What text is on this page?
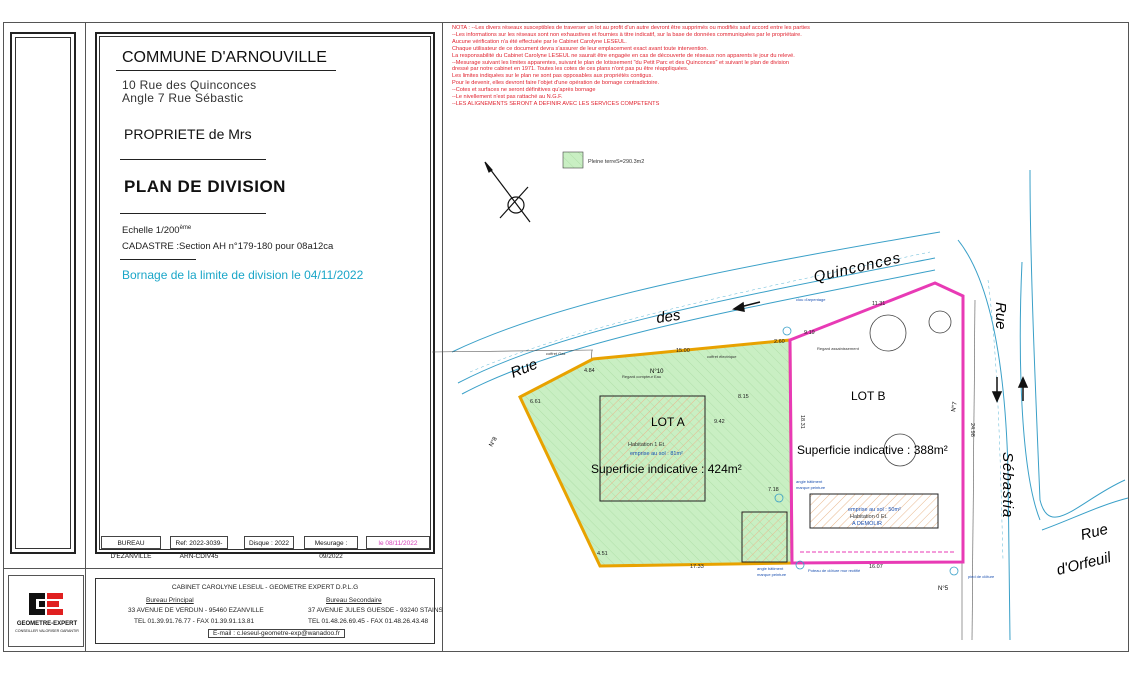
COMMUNE D'ARNOUVILLE
10 Rue des Quinconces
Angle 7 Rue Sébastic
PROPRIETE de Mrs
PLAN DE DIVISION
Echelle 1/200ème
CADASTRE :Section AH n°179-180 pour 08a12ca
Bornage de la limite de division le 04/11/2022
BUREAU D'EZANVILLE
Ref: 2022-3039-ARN-CDIV45
Disque : 2022	Mesurage : 09/2022
le 08/11/2022
GEOMETRE-EXPERT
CONSEILLER VALORISER GARANTIR
CABINET CAROLYNE LESEUL - GEOMETRE EXPERT D.P.L.G
Bureau Principal
33 AVENUE DE VERDUN - 95460 EZANVILLE
TEL 01.39.91.76.77 - FAX 01.39.91.13.81
Bureau Secondaire
37 AVENUE JULES GUESDE - 93240 STAINS
TEL 01.48.26.69.45 - FAX 01.48.26.43.48
E-mail : c.leseul-geometre-exp@wanadoo.fr
NOTA : --Les divers réseaux susceptibles de traverser un lot au profit d'un autre devront être supprimés ou modifiés sauf accord entre les parties
--Les informations sur les réseaux sont non exhaustives et fournies à titre indicatif, sur la base de données communiquées par le propriétaire.
Aucune vérification n'a été effectuée par le Cabinet Carolyne LESEUL.
Chaque utilisateur de ce document devra s'assurer de leur emplacement exact avant toute intervention.
La responsabilité du Cabinet Carolyne LESEUL ne saurait être engagée en cas de découverte de réseaux non apparents le jour du relevé.
--Mesurage suivant les limites apparentes, suivant le plan de lotissement "du Petit Parc et des Quinconces" et suivant le plan de division
dressé par notre cabinet en 1971. Toutes les cotes de ces plans n'ont pas pu être réappliquées.
Les limites indiquées sur le plan ne sont pas opposables aux propriétés contigus.
Pour le devenir, elles devront faire l'objet d'une opération de bornage contradictoire.
--Cotes et surfaces ne seront définitives qu'après bornage
--Le nivellement n'est pas rattaché au N.G.F.
--LES ALIGNEMENTS SERONT A DEFINIR AVEC LES SERVICES COMPETENTS
Pleine terre S=290.3m2
Rue
des
Quinconces
Rue
Sébastia
Rue
d'Orfeuil
LOT A
Superficie indicative : 424m²
Habitation 1 Et.
emprise au sol : 81m²
LOT B
Superficie indicative : 388m²
emprise au sol : 50m²
Habitation 0 Et.
A DEMOLIR
N°10
N°7
N°8
N°5
15.00
2.60
9.19
11.31
6.61
4.51
17.33	16.07
24.98
18.31
4.84
8.15
7.18
9.42
coffret Gaz
coffret électrique
Regard compteur Eau
Regard assainissement
clou d'arpentage
angle bâtiment
marque peinture
angle bâtiment
marque peinture
Poteau de clôture mur rectifié
pied de clôture
